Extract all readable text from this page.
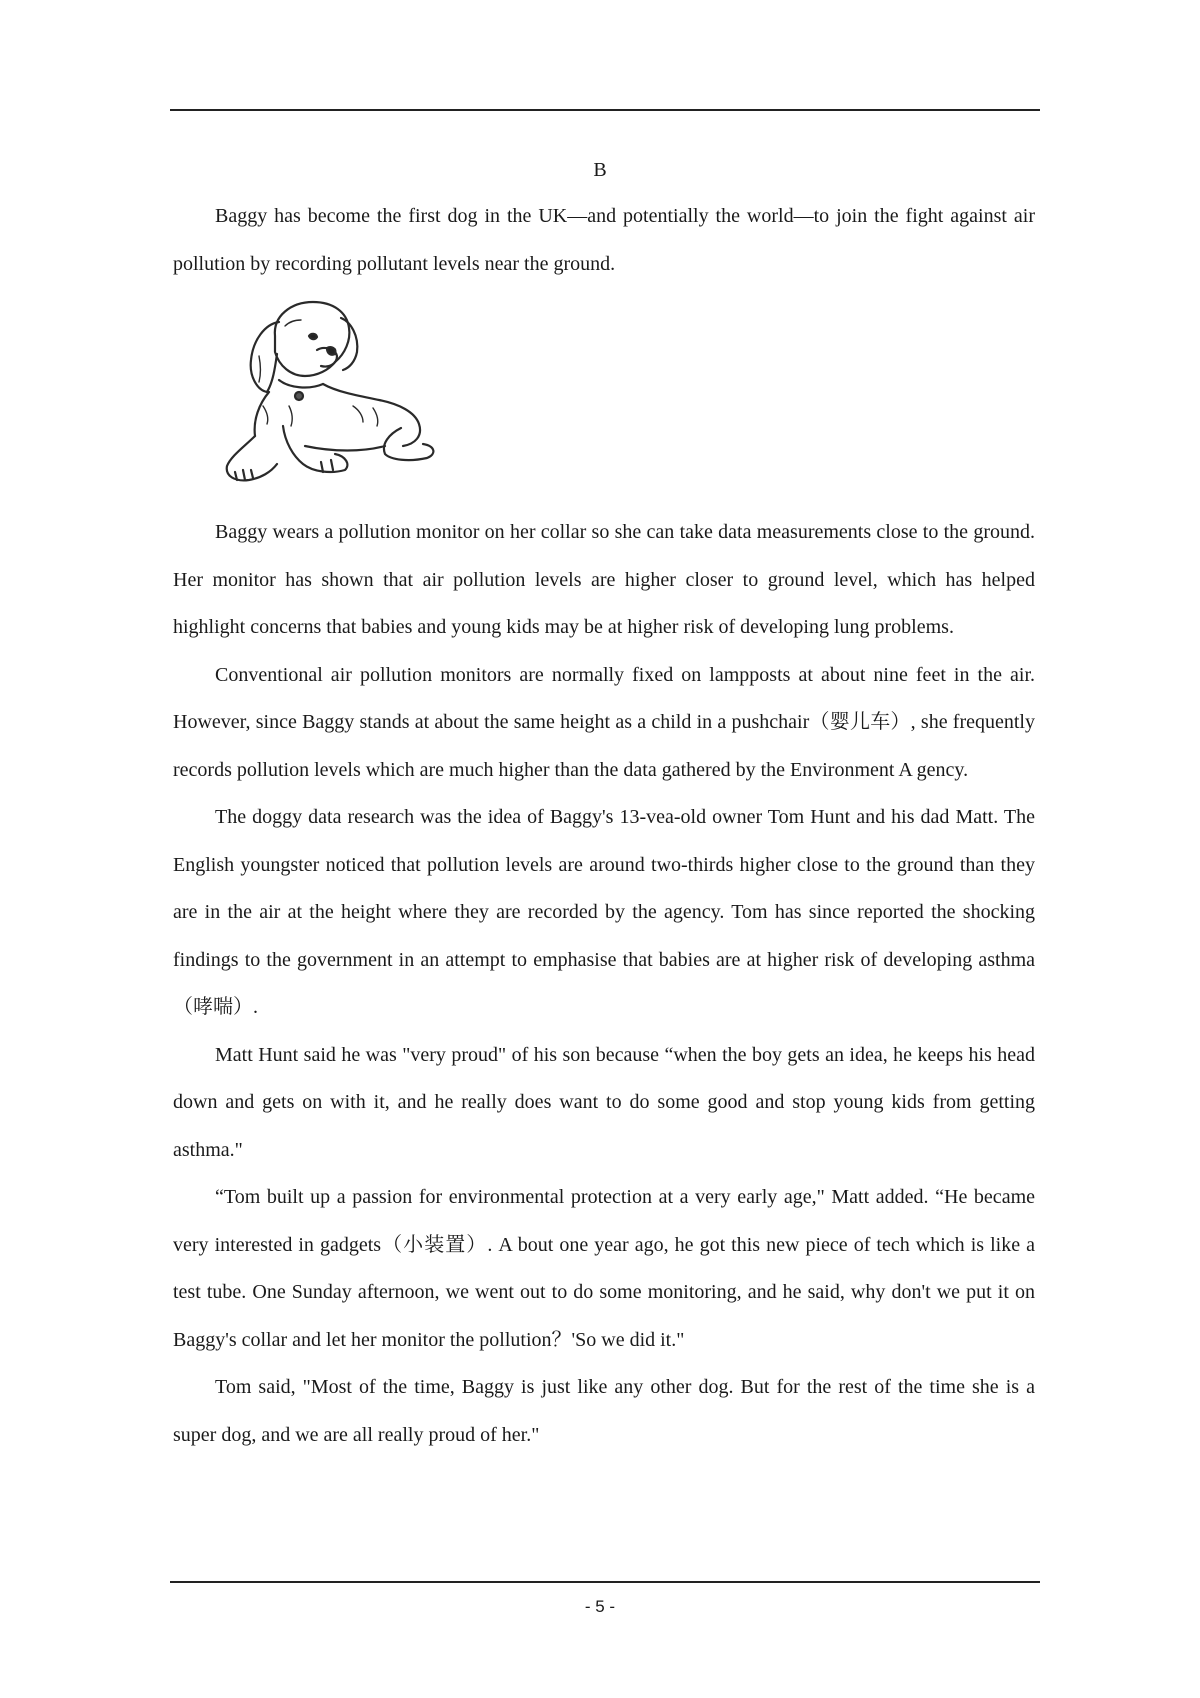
B

Baggy has become the first dog in the UK—and potentially the world—to join the fight against air pollution by recording pollutant levels near the ground.

Baggy wears a pollution monitor on her collar so she can take data measurements close to the ground. Her monitor has shown that air pollution levels are higher closer to ground level, which has helped highlight concerns that babies and young kids may be at higher risk of developing lung problems.

Conventional air pollution monitors are normally fixed on lampposts at about nine feet in the air. However, since Baggy stands at about the same height as a child in a pushchair（婴儿车）, she frequently records pollution levels which are much higher than the data gathered by the Environment A gency.

The doggy data research was the idea of Baggy's 13-vea-old owner Tom Hunt and his dad Matt. The English youngster noticed that pollution levels are around two-thirds higher close to the ground than they are in the air at the height where they are recorded by the agency. Tom has since reported the shocking findings to the government in an attempt to emphasise that babies are at higher risk of developing asthma（哮喘）.

Matt Hunt said he was "very proud" of his son because “when the boy gets an idea, he keeps his head down and gets on with it, and he really does want to do some good and stop young kids from getting asthma."

“Tom built up a passion for environmental protection at a very early age," Matt added. “He became very interested in gadgets（小装置）. A bout one year ago, he got this new piece of tech which is like a test tube. One Sunday afternoon, we went out to do some monitoring, and he said, why don't we put it on Baggy's collar and let her monitor the pollution？'So we did it."

Tom said, "Most of the time, Baggy is just like any other dog. But for the rest of the time she is a super dog, and we are all really proud of her."

- 5 -
